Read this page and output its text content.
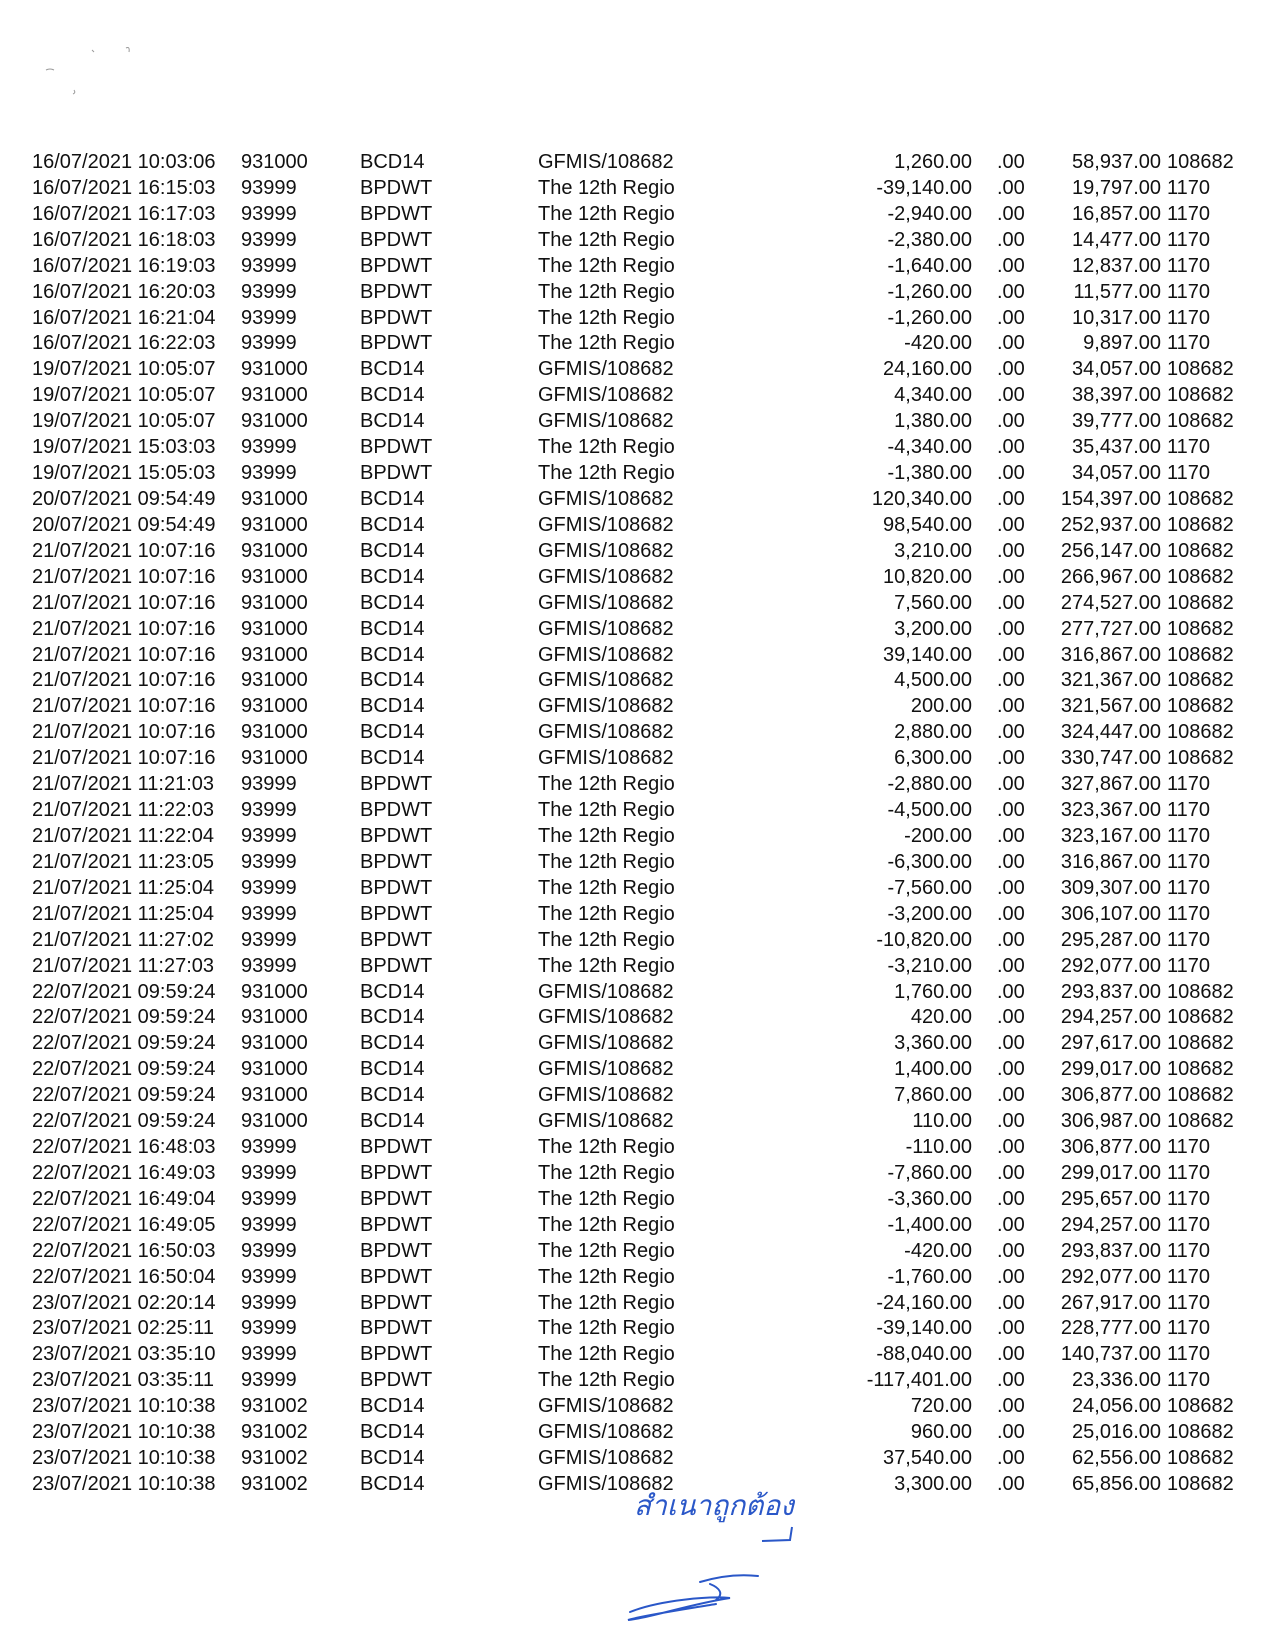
16/07/2021 10:03:06 931000	BCD14	GFMIS/108682	1,260.00 .00 58,937.00 108682
16/07/2021 16:15:03 93999	BPDWT	The 12th Regio	-39,140.00 .00 19,797.00 1170
16/07/2021 16:17:03 93999	BPDWT	The 12th Regio	-2,940.00 .00 16,857.00 1170
16/07/2021 16:18:03 93999	BPDWT	The 12th Regio	-2,380.00 .00 14,477.00 1170
16/07/2021 16:19:03 93999	BPDWT	The 12th Regio	-1,640.00 .00 12,837.00 1170
16/07/2021 16:20:03 93999	BPDWT	The 12th Regio	-1,260.00 .00 11,577.00 1170
16/07/2021 16:21:04 93999	BPDWT	The 12th Regio	-1,260.00 .00 10,317.00 1170
16/07/2021 16:22:03 93999	BPDWT	The 12th Regio	-420.00 .00	9,897.00 1170
19/07/2021 10:05:07 931000	BCD14	GFMIS/108682	24,160.00 .00 34,057.00 108682
19/07/2021 10:05:07 931000	BCD14	GFMIS/108682	4,340.00 .00 38,397.00 108682
19/07/2021 10:05:07 931000	BCD14	GFMIS/108682	1,380.00 .00 39,777.00 108682
19/07/2021 15:03:03 93999	BPDWT	The 12th Regio	-4,340.00 .00 35,437.00 1170
19/07/2021 15:05:03 93999	BPDWT	The 12th Regio	-1,380.00 .00 34,057.00 1170
20/07/2021 09:54:49 931000	BCD14	GFMIS/108682	120,340.00 .00 154,397.00 108682
20/07/2021 09:54:49 931000	BCD14	GFMIS/108682	98,540.00 .00 252,937.00 108682
21/07/2021 10:07:16 931000	BCD14	GFMIS/108682	3,210.00 .00 256,147.00 108682
21/07/2021 10:07:16 931000	BCD14	GFMIS/108682	10,820.00 .00 266,967.00 108682
21/07/2021 10:07:16 931000	BCD14	GFMIS/108682	7,560.00 .00 274,527.00 108682
21/07/2021 10:07:16 931000	BCD14	GFMIS/108682	3,200.00 .00 277,727.00 108682
21/07/2021 10:07:16 931000	BCD14	GFMIS/108682	39,140.00 .00 316,867.00 108682
21/07/2021 10:07:16 931000	BCD14	GFMIS/108682	4,500.00 .00 321,367.00 108682
21/07/2021 10:07:16 931000	BCD14	GFMIS/108682	200.00 .00 321,567.00 108682
21/07/2021 10:07:16 931000	BCD14	GFMIS/108682	2,880.00 .00 324,447.00 108682
21/07/2021 10:07:16 931000	BCD14	GFMIS/108682	6,300.00 .00 330,747.00 108682
21/07/2021 11:21:03 93999	BPDWT	The 12th Regio	-2,880.00 .00 327,867.00 1170
21/07/2021 11:22:03 93999	BPDWT	The 12th Regio	-4,500.00 .00 323,367.00 1170
21/07/2021 11:22:04 93999	BPDWT	The 12th Regio	-200.00 .00 323,167.00 1170
21/07/2021 11:23:05 93999	BPDWT	The 12th Regio	-6,300.00 .00 316,867.00 1170
21/07/2021 11:25:04 93999	BPDWT	The 12th Regio	-7,560.00 .00 309,307.00 1170
21/07/2021 11:25:04 93999	BPDWT	The 12th Regio	-3,200.00 .00 306,107.00 1170
21/07/2021 11:27:02 93999	BPDWT	The 12th Regio	-10,820.00 .00 295,287.00 1170
21/07/2021 11:27:03 93999	BPDWT	The 12th Regio	-3,210.00 .00 292,077.00 1170
22/07/2021 09:59:24 931000	BCD14	GFMIS/108682	1,760.00 .00 293,837.00 108682
22/07/2021 09:59:24 931000	BCD14	GFMIS/108682	420.00 .00 294,257.00 108682
22/07/2021 09:59:24 931000	BCD14	GFMIS/108682	3,360.00 .00 297,617.00 108682
22/07/2021 09:59:24 931000	BCD14	GFMIS/108682	1,400.00 .00 299,017.00 108682
22/07/2021 09:59:24 931000	BCD14	GFMIS/108682	7,860.00 .00 306,877.00 108682
22/07/2021 09:59:24 931000	BCD14	GFMIS/108682	110.00 .00 306,987.00 108682
22/07/2021 16:48:03 93999	BPDWT	The 12th Regio	-110.00 .00 306,877.00 1170
22/07/2021 16:49:03 93999	BPDWT	The 12th Regio	-7,860.00 .00 299,017.00 1170
22/07/2021 16:49:04 93999	BPDWT	The 12th Regio	-3,360.00 .00 295,657.00 1170
22/07/2021 16:49:05 93999	BPDWT	The 12th Regio	-1,400.00 .00 294,257.00 1170
22/07/2021 16:50:03 93999	BPDWT	The 12th Regio	-420.00 .00 293,837.00 1170
22/07/2021 16:50:04 93999	BPDWT	The 12th Regio	-1,760.00 .00 292,077.00 1170
23/07/2021 02:20:14 93999	BPDWT	The 12th Regio	-24,160.00 .00 267,917.00 1170
23/07/2021 02:25:11 93999	BPDWT	The 12th Regio	-39,140.00 .00 228,777.00 1170
23/07/2021 03:35:10 93999	BPDWT	The 12th Regio	-88,040.00 .00 140,737.00 1170
23/07/2021 03:35:11 93999	BPDWT	The 12th Regio	-117,401.00 .00 23,336.00 1170
23/07/2021 10:10:38 931002	BCD14	GFMIS/108682	720.00 .00 24,056.00 108682
23/07/2021 10:10:38 931002	BCD14	GFMIS/108682	960.00 .00 25,016.00 108682
23/07/2021 10:10:38 931002	BCD14	GFMIS/108682	37,540.00 .00 62,556.00 108682
23/07/2021 10:10:38 931002	BCD14	GFMIS/108682	3,300.00 .00 65,856.00 108682
สำเนาถูกต้อง
